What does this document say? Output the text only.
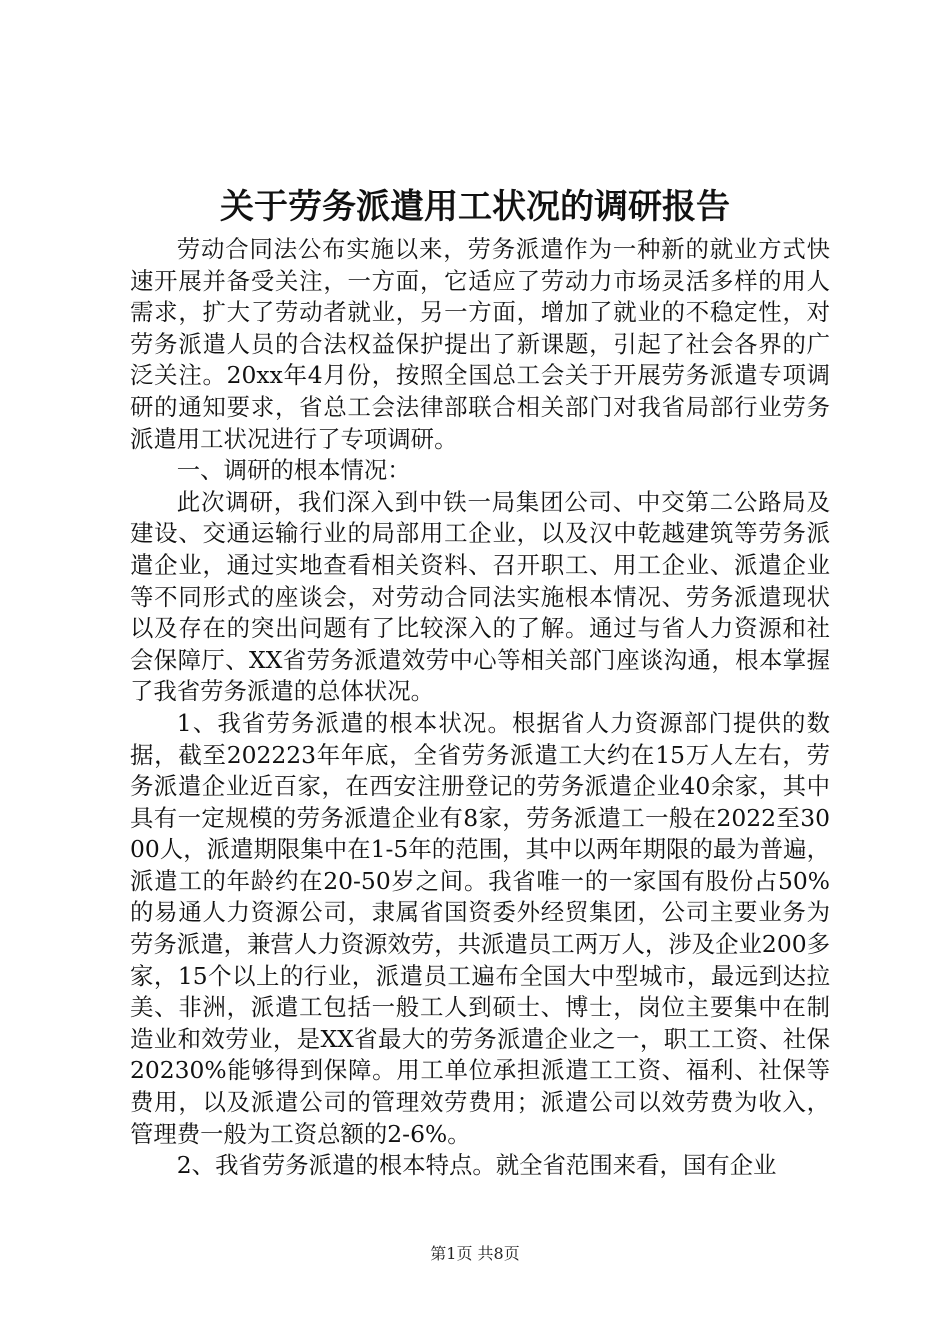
关于劳务派遣用工状况的调研报告

劳动合同法公布实施以来，劳务派遣作为一种新的就业方式快速开展并备受关注，一方面，它适应了劳动力市场灵活多样的用人需求，扩大了劳动者就业，另一方面，增加了就业的不稳定性，对劳务派遣人员的合法权益保护提出了新课题，引起了社会各界的广泛关注。20xx年4月份，按照全国总工会关于开展劳务派遣专项调研的通知要求，省总工会法律部联合相关部门对我省局部行业劳务派遣用工状况进行了专项调研。

一、调研的根本情况：

此次调研，我们深入到中铁一局集团公司、中交第二公路局及建设、交通运输行业的局部用工企业，以及汉中乾越建筑等劳务派遣企业，通过实地查看相关资料、召开职工、用工企业、派遣企业等不同形式的座谈会，对劳动合同法实施根本情况、劳务派遣现状以及存在的突出问题有了比较深入的了解。通过与省人力资源和社会保障厅、XX省劳务派遣效劳中心等相关部门座谈沟通，根本掌握了我省劳务派遣的总体状况。

1、我省劳务派遣的根本状况。根据省人力资源部门提供的数据，截至202223年年底，全省劳务派遣工大约在15万人左右，劳务派遣企业近百家，在西安注册登记的劳务派遣企业40余家，其中具有一定规模的劳务派遣企业有8家，劳务派遣工一般在2022至3000人，派遣期限集中在1-5年的范围，其中以两年期限的最为普遍，派遣工的年龄约在20-50岁之间。我省唯一的一家国有股份占50%的易通人力资源公司，隶属省国资委外经贸集团，公司主要业务为劳务派遣，兼营人力资源效劳，共派遣员工两万人，涉及企业200多家，15个以上的行业，派遣员工遍布全国大中型城市，最远到达拉美、非洲，派遣工包括一般工人到硕士、博士，岗位主要集中在制造业和效劳业，是XX省最大的劳务派遣企业之一，职工工资、社保20230%能够得到保障。用工单位承担派遣工工资、福利、社保等费用，以及派遣公司的管理效劳费用；派遣公司以效劳费为收入，管理费一般为工资总额的2-6%。

2、我省劳务派遣的根本特点。就全省范围来看，国有企业

第1页 共8页
